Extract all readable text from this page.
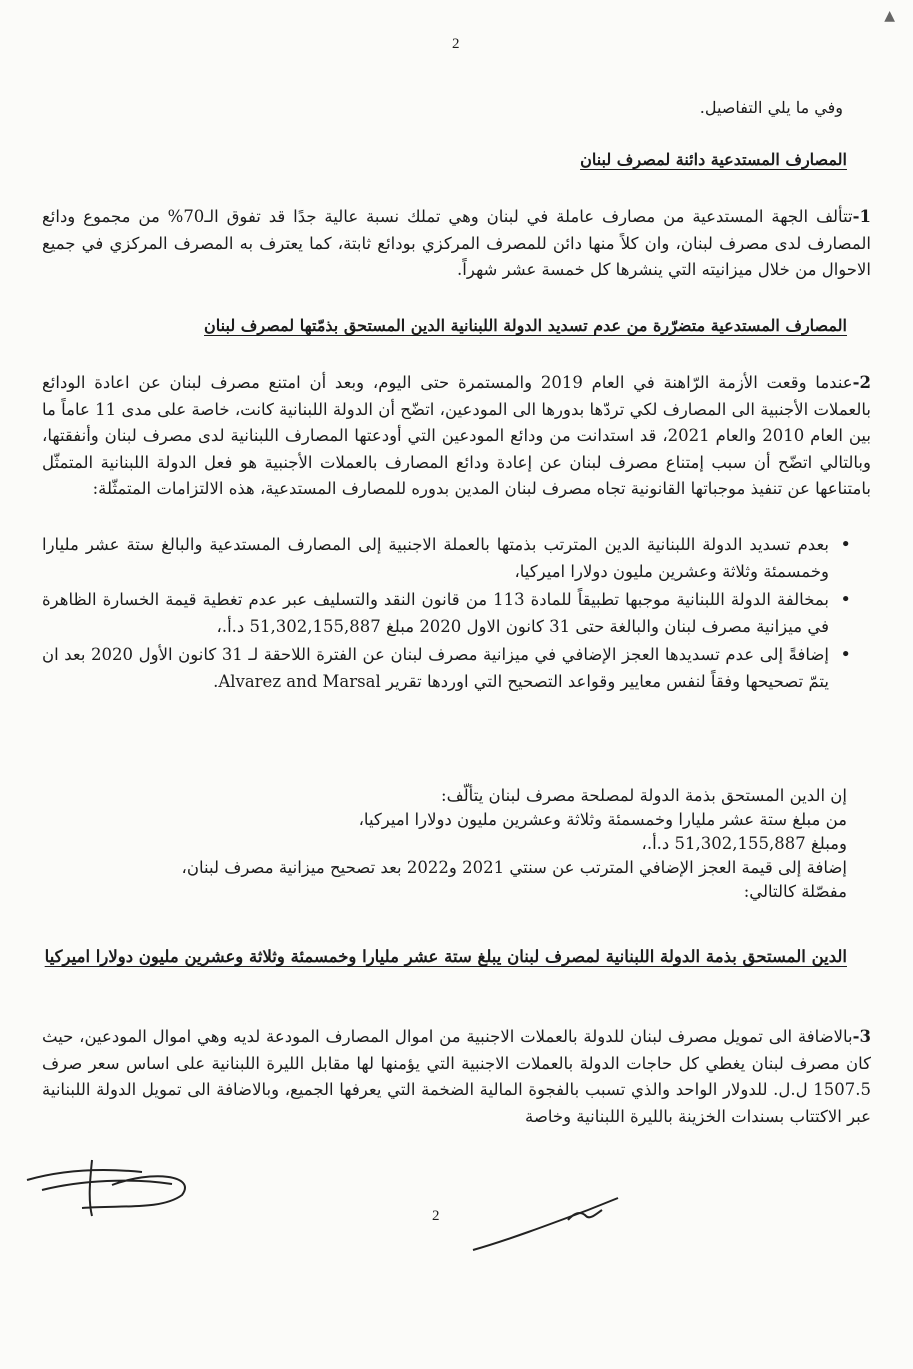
▲
2
وفي ما يلي التفاصيل.
المصارف المستدعية دائنة لمصرف لبنان
1-تتألف الجهة المستدعية من مصارف عاملة في لبنان وهي تملك نسبة عالية جدًا قد تفوق الـ70% من مجموع ودائع المصارف لدى مصرف لبنان، وان كلاً منها دائن للمصرف المركزي بودائع ثابتة، كما يعترف به المصرف المركزي في جميع الاحوال من خلال ميزانيته التي ينشرها كل خمسة عشر شهراً.
المصارف المستدعية متضرّرة من عدم تسديد الدولة اللبنانية الدين المستحق بذمّتها لمصرف لبنان
2-عندما وقعت الأزمة الرّاهنة في العام 2019 والمستمرة حتى اليوم، وبعد أن امتنع مصرف لبنان عن اعادة الودائع بالعملات الأجنبية الى المصارف لكي تردّها بدورها الى المودعين، اتضّح أن الدولة اللبنانية كانت، خاصة على مدى 11 عاماً ما بين العام 2010 والعام 2021، قد استدانت من ودائع المودعين التي أودعتها المصارف اللبنانية لدى مصرف لبنان وأنفقتها، وبالتالي اتضّح أن سبب إمتناع مصرف لبنان عن إعادة ودائع المصارف بالعملات الأجنبية هو فعل الدولة اللبنانية المتمثّل بامتناعها عن تنفيذ موجباتها القانونية تجاه مصرف لبنان المدين بدوره للمصارف المستدعية، هذه الالتزامات المتمثّلة:
• بعدم تسديد الدولة اللبنانية الدين المترتب بذمتها بالعملة الاجنبية إلى المصارف المستدعية والبالغ ستة عشر مليارا وخمسمئة وثلاثة وعشرين مليون دولارا اميركيا،
• بمخالفة الدولة اللبنانية موجبها تطبيقاً للمادة 113 من قانون النقد والتسليف عبر عدم تغطية قيمة الخسارة الظاهرة في ميزانية مصرف لبنان والبالغة حتى 31 كانون الاول 2020 مبلغ 51,302,155,887 د.أ.،
• إضافةً إلى عدم تسديدها العجز الإضافي في ميزانية مصرف لبنان عن الفترة اللاحقة لـ 31 كانون الأول 2020 بعد ان يتمّ تصحيحها وفقاً لنفس معايير وقواعد التصحيح التي اوردها تقرير Alvarez and Marsal.
إن الدين المستحق بذمة الدولة لمصلحة مصرف لبنان يتألّف:
من مبلغ ستة عشر مليارا وخمسمئة وثلاثة وعشرين مليون دولارا اميركيا،
ومبلغ 51,302,155,887 د.أ.،
إضافة إلى قيمة العجز الإضافي المترتب عن سنتي 2021 و2022 بعد تصحيح ميزانية مصرف لبنان،
مفصّلة كالتالي:
الدين المستحق بذمة الدولة اللبنانية لمصرف لبنان يبلغ ستة عشر مليارا وخمسمئة وثلاثة وعشرين مليون دولارا اميركيا
3-بالاضافة الى تمويل مصرف لبنان للدولة بالعملات الاجنبية من اموال المصارف المودعة لديه وهي اموال المودعين، حيث كان مصرف لبنان يغطي كل حاجات الدولة بالعملات الاجنبية التي يؤمنها لها مقابل الليرة اللبنانية على اساس سعر صرف 1507.5 ل.ل. للدولار الواحد والذي تسبب بالفجوة المالية الضخمة التي يعرفها الجميع، وبالاضافة الى تمويل الدولة اللبنانية عبر الاكتتاب بسندات الخزينة بالليرة اللبنانية وخاصة
2
